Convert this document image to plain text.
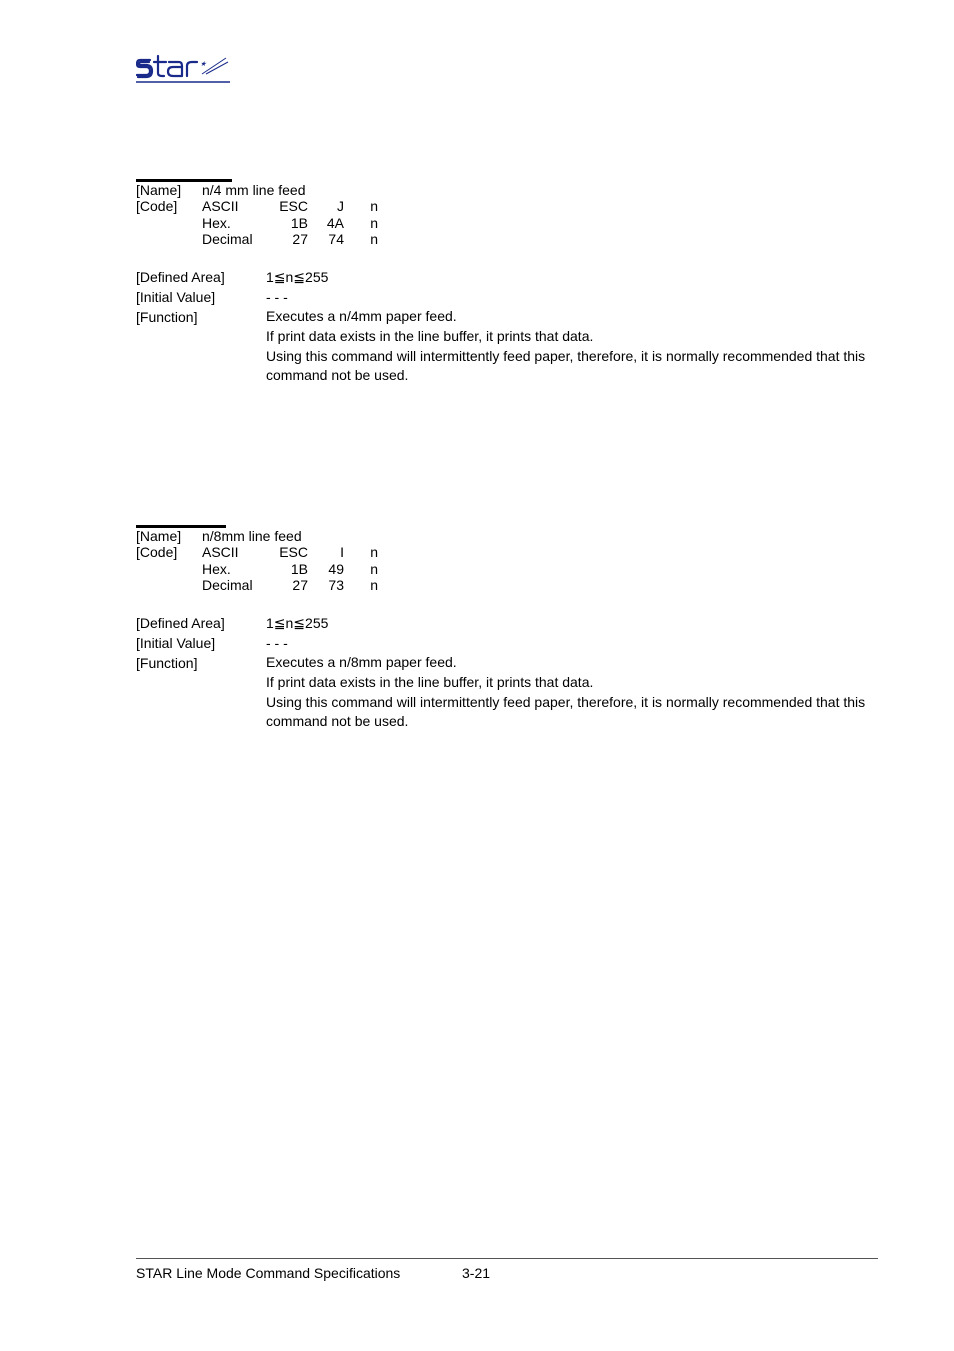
★
[Name] n/4 mm line feed
[Code] ASCII	ESC	J	n
Hex.	1B	4A	n
Decimal	27	74	n
[Defined Area]	1≦n≦255
[Initial Value]	- - -
[Function]	Executes a n/4mm paper feed.
If print data exists in the line buffer, it prints that data.
Using this command will intermittently feed paper, therefore, it is normally recommended that this command not be used.
[Name] n/8mm line feed
[Code] ASCII	ESC	I	n
Hex.	1B	49	n
Decimal	27	73	n
[Defined Area]	1≦n≦255
[Initial Value]	- - -
[Function]	Executes a n/8mm paper feed.
If print data exists in the line buffer, it prints that data.
Using this command will intermittently feed paper, therefore, it is normally recommended that this command not be used.
STAR Line Mode Command Specifications	3-21
